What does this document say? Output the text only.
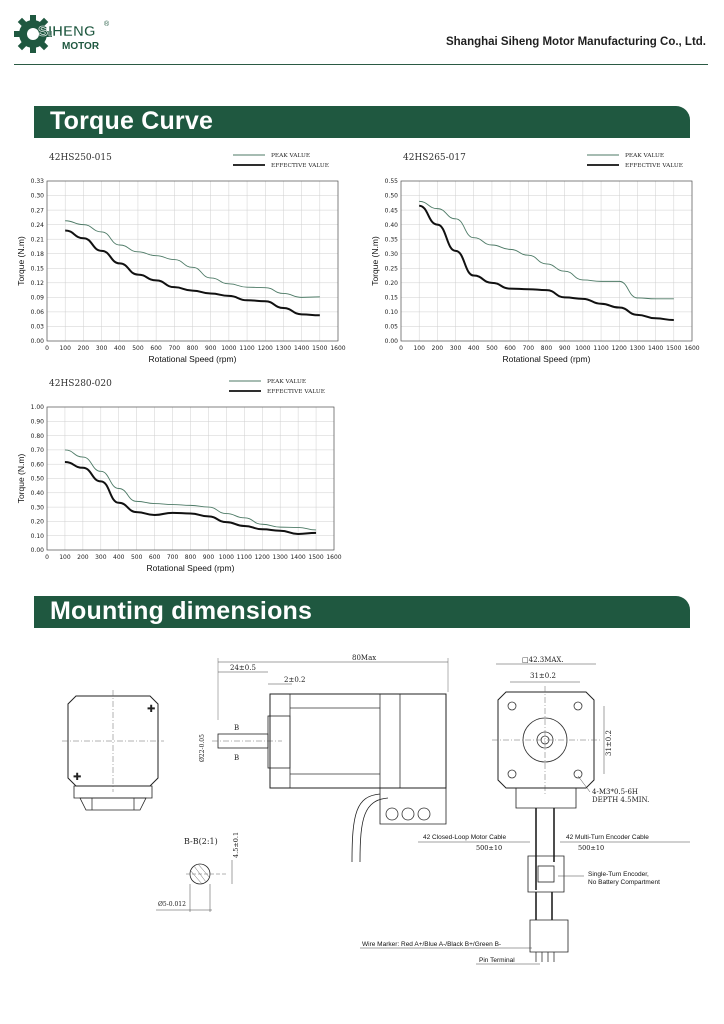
SIHENG
MOTOR
®
Shanghai Siheng Motor Manufacturing Co., Ltd.
Torque Curve
42HS250-015	PEAK VALUE
EFFECTIVE VALUE
0.00
0.03
0.06
0.09
0.12
0.15
0.18
0.21
0.24
0.27
0.30
0.33
0 100 200 300 400 500 600 700 800 900 1000 1100 1200 1300 1400 1500 1600
Rotational Speed (rpm)
Torque (N.m)
42HS265-017	PEAK VALUE
EFFECTIVE VALUE
0.00
0.05
0.10
0.15
0.20
0.25
0.30
0.35
0.40
0.45
0.50
0.55
0 100 200 300 400 500 600 700 800 900 1000 1100 1200 1300 1400 1500 1600
Rotational Speed (rpm)
Torque (N.m)
42HS280-020	PEAK VALUE
EFFECTIVE VALUE
0.00
0.10
0.20
0.30
0.40
0.50
0.60
0.70
0.80
0.90
1.00
0 100 200 300 400 500 600 700 800 900 1000 1100 1200 1300 1400 1500 1600
Rotational Speed (rpm)
Torque (N.m)
Mounting dimensions
✚
✚
80Max
24±0.5
2±0.2
B
B
Ø22-0.05
B-B(2:1) 4.5±0.1
Ø5-0.012
□42.3MAX.
31±0.2
31±0.2
4-M3*0.5-6H
DEPTH 4.5MIN.
42 Closed-Loop Motor Cable
500±10
42 Multi-Turn Encoder Cable
500±10
Single-Turn Encoder,
No Battery Compartment
Wire Marker: Red A+/Blue A-/Black B+/Green B-
Pin Terminal
